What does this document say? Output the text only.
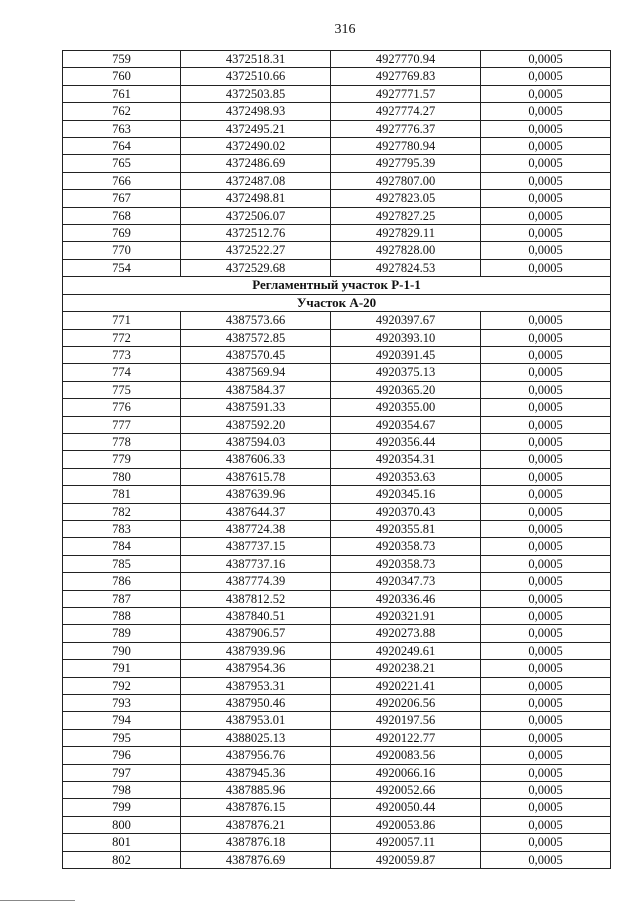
316
759	4372518.31	4927770.94	0,0005
760	4372510.66	4927769.83	0,0005
761	4372503.85	4927771.57	0,0005
762	4372498.93	4927774.27	0,0005
763	4372495.21	4927776.37	0,0005
764	4372490.02	4927780.94	0,0005
765	4372486.69	4927795.39	0,0005
766	4372487.08	4927807.00	0,0005
767	4372498.81	4927823.05	0,0005
768	4372506.07	4927827.25	0,0005
769	4372512.76	4927829.11	0,0005
770	4372522.27	4927828.00	0,0005
754	4372529.68	4927824.53	0,0005
Регламентный участок Р-1-1			
Участок А-20			
771	4387573.66	4920397.67	0,0005
772	4387572.85	4920393.10	0,0005
773	4387570.45	4920391.45	0,0005
774	4387569.94	4920375.13	0,0005
775	4387584.37	4920365.20	0,0005
776	4387591.33	4920355.00	0,0005
777	4387592.20	4920354.67	0,0005
778	4387594.03	4920356.44	0,0005
779	4387606.33	4920354.31	0,0005
780	4387615.78	4920353.63	0,0005
781	4387639.96	4920345.16	0,0005
782	4387644.37	4920370.43	0,0005
783	4387724.38	4920355.81	0,0005
784	4387737.15	4920358.73	0,0005
785	4387737.16	4920358.73	0,0005
786	4387774.39	4920347.73	0,0005
787	4387812.52	4920336.46	0,0005
788	4387840.51	4920321.91	0,0005
789	4387906.57	4920273.88	0,0005
790	4387939.96	4920249.61	0,0005
791	4387954.36	4920238.21	0,0005
792	4387953.31	4920221.41	0,0005
793	4387950.46	4920206.56	0,0005
794	4387953.01	4920197.56	0,0005
795	4388025.13	4920122.77	0,0005
796	4387956.76	4920083.56	0,0005
797	4387945.36	4920066.16	0,0005
798	4387885.96	4920052.66	0,0005
799	4387876.15	4920050.44	0,0005
800	4387876.21	4920053.86	0,0005
801	4387876.18	4920057.11	0,0005
802	4387876.69	4920059.87	0,0005
